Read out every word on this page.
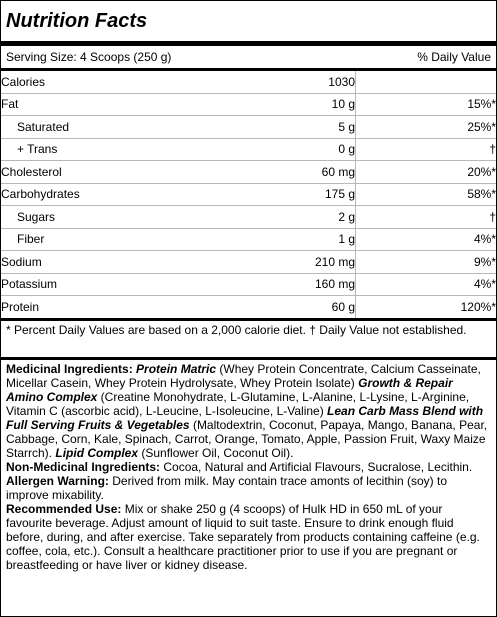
Nutrition Facts
Serving Size: 4 Scoops (250 g)	% Daily Value
Calories	1030	
Fat	10 g	15%*
Saturated	5 g	25%*
+ Trans	0 g	†
Cholesterol	60 mg	20%*
Carbohydrates	175 g	58%*
Sugars	2 g	†
Fiber	1 g	4%*
Sodium	210 mg	9%*
Potassium	160 mg	4%*
Protein	60 g	120%*
* Percent Daily Values are based on a 2,000 calorie diet. † Daily Value not established.

Medicinal Ingredients: Protein Matric (Whey Protein Concentrate, Calcium Casseinate, Micellar Casein, Whey Protein Hydrolysate, Whey Protein Isolate) Growth & Repair Amino Complex (Creatine Monohydrate, L-Glutamine, L-Alanine, L-Lysine, L-Arginine, Vitamin C (ascorbic acid), L-Leucine, L-Isoleucine, L-Valine) Lean Carb Mass Blend with Full Serving Fruits & Vegetables (Maltodextrin, Coconut, Papaya, Mango, Banana, Pear, Cabbage, Corn, Kale, Spinach, Carrot, Orange, Tomato, Apple, Passion Fruit, Waxy Maize Starrch). Lipid Complex (Sunflower Oil, Coconut Oil).

Non-Medicinal Ingredients: Cocoa, Natural and Artificial Flavours, Sucralose, Lecithin.

Allergen Warning: Derived from milk. May contain trace amonts of lecithin (soy) to improve mixability.

Recommended Use: Mix or shake 250 g (4 scoops) of Hulk HD in 650 mL of your favourite beverage. Adjust amount of liquid to suit taste. Ensure to drink enough fluid before, during, and after exercise. Take separately from products containing caffeine (e.g. coffee, cola, etc.). Consult a healthcare practitioner prior to use if you are pregnant or breastfeeding or have liver or kidney disease.
